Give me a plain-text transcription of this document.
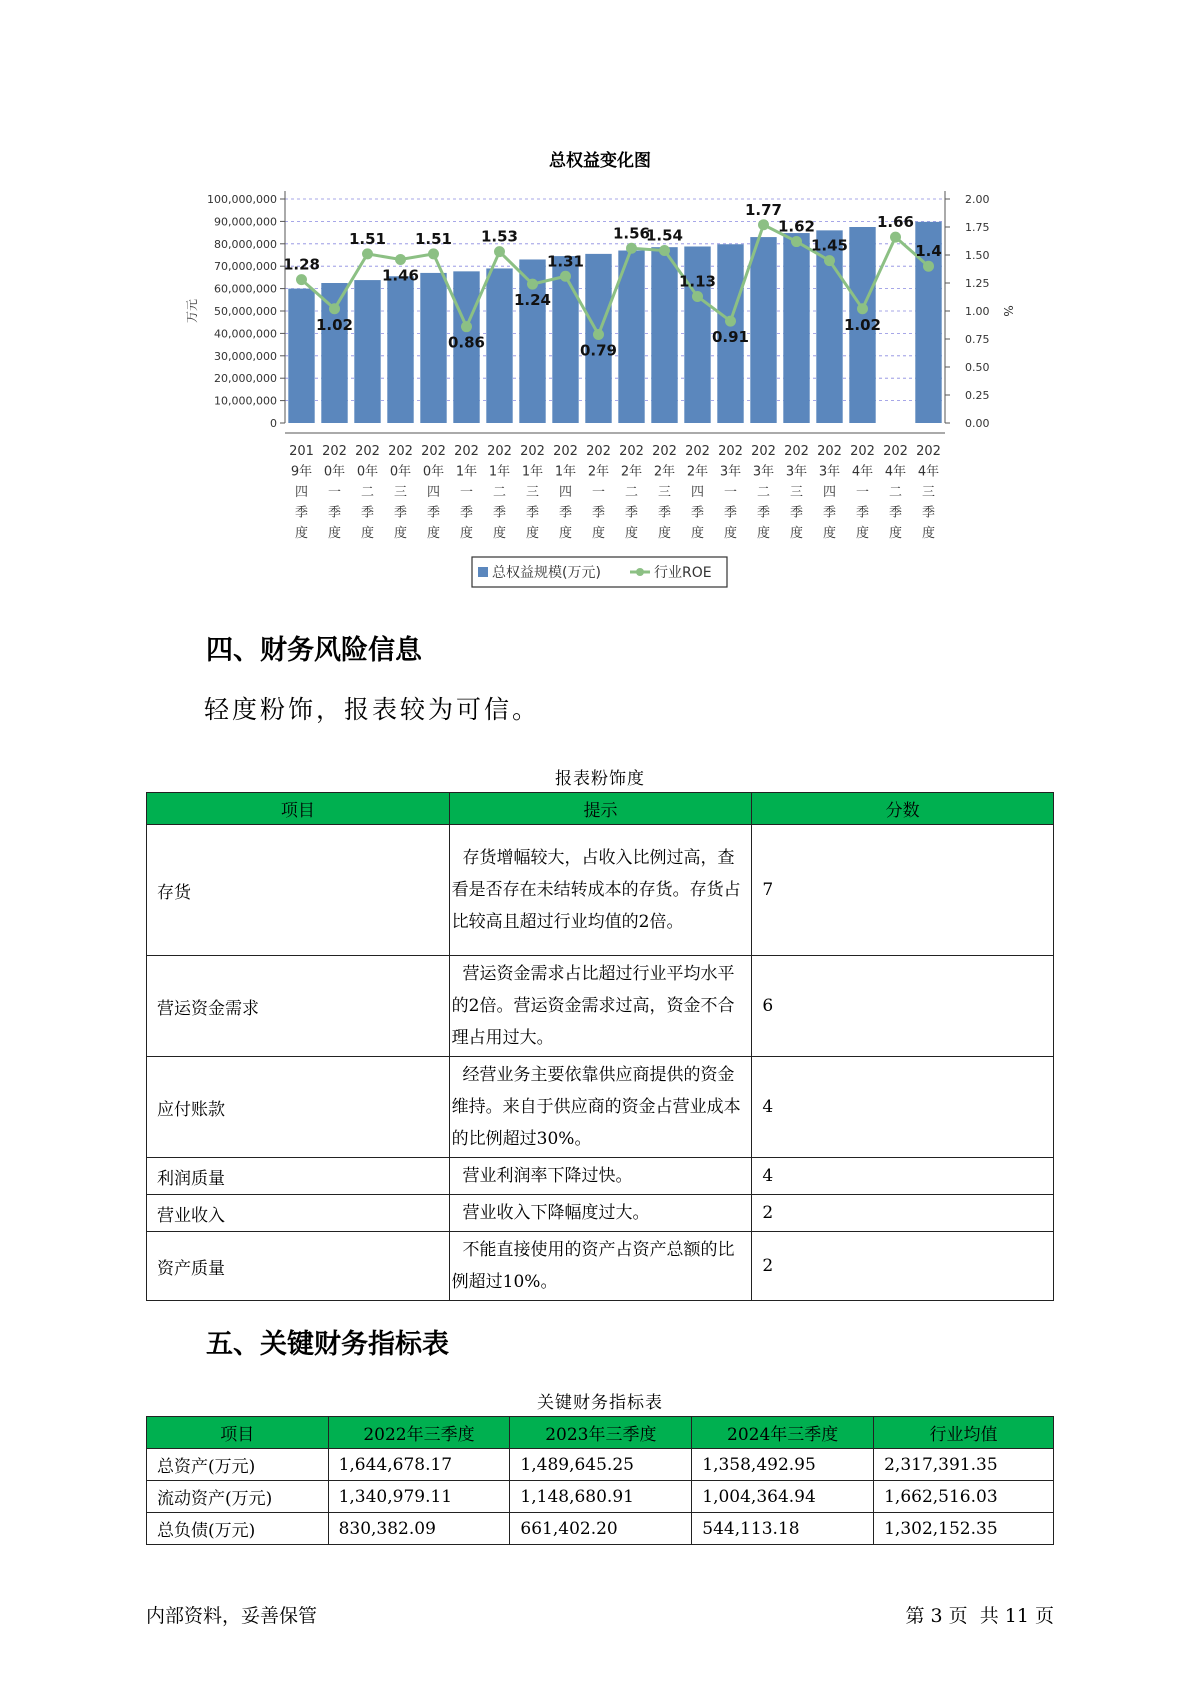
总权益变化图
1.28
1.02
1.51
1.46
1.51
0.86
1.53
1.24
1.31
0.79
1.56
1.54
1.13
0.91
1.77
1.62
1.45
1.02
1.66
1.4
0
10,000,000
20,000,000
30,000,000
40,000,000
50,000,000
60,000,000
70,000,000
80,000,000
90,000,000
100,000,000
0.00
0.25
0.50
0.75
1.00
1.25
1.50
1.75
2.00
万元	%
201
9年
四
季
度
202
0年
一
季
度
202
0年
二
季
度
202
0年
三
季
度
202
0年
四
季
度
202
1年
一
季
度
202
1年
二
季
度
202
1年
三
季
度
202
1年
四
季
度
202
2年
一
季
度
202
2年
二
季
度
202
2年
三
季
度
202
2年
四
季
度
202
3年
一
季
度
202
3年
二
季
度
202
3年
三
季
度
202
3年
四
季
度
202
4年
一
季
度
202
4年
二
季
度
202
4年
三
季
度
总权益规模(万元)	行业ROE
四、财务风险信息
轻度粉饰，报表较为可信。
报表粉饰度
项目	提示	分数
存货	存货增幅较大，占收入比例过高，查看是否存在未结转成本的存货。存货占比较高且超过行业均值的2倍。	7
营运资金需求	营运资金需求占比超过行业平均水平的2倍。营运资金需求过高，资金不合理占用过大。	6
应付账款	经营业务主要依靠供应商提供的资金维持。来自于供应商的资金占营业成本的比例超过30%。	4
利润质量	营业利润率下降过快。	4
营业收入	营业收入下降幅度过大。	2
资产质量	不能直接使用的资产占资产总额的比例超过10%。	2
五、关键财务指标表
关键财务指标表
项目	2022年三季度	2023年三季度	2024年三季度	行业均值
总资产(万元)	1,644,678.17	1,489,645.25	1,358,492.95	2,317,391.35
流动资产(万元)	1,340,979.11	1,148,680.91	1,004,364.94	1,662,516.03
总负债(万元)	830,382.09	661,402.20	544,113.18	1,302,152.35
内部资料，妥善保管	第 3 页  共 11 页
